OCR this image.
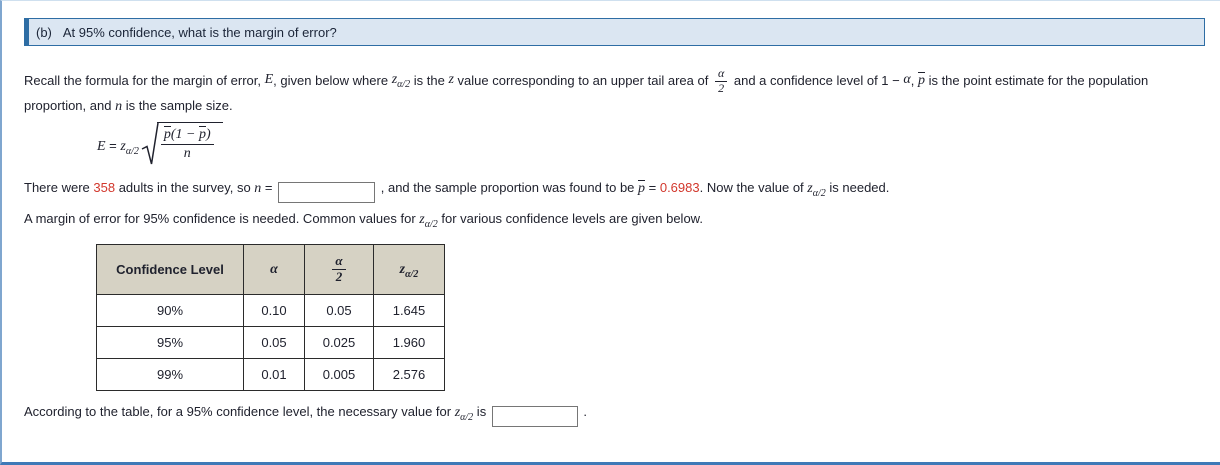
(b) At 95% confidence, what is the margin of error?
Recall the formula for the margin of error, E , given below where z α/2 is the z value corresponding to an upper tail area of $\frac{\alpha}{2}$ and a confidence level of 1 − α , p is the point estimate for the population
proportion, and n is the sample size.
E = z α/2
p(1 − p)
n
There were 358 adults in the survey, so n =	, and the sample proportion was found to be p = 0.6983 . Now the value of z α/2 is needed.
A margin of error for 95% confidence is needed. Common values for z α/2 for various confidence levels are given below.
Confidence Level	α	$\frac{\alpha}{2}$	$z_{\alpha/2}$
90%	0.10	0.05	1.645
95%	0.05	0.025	1.960
99%	0.01	0.005	2.576
According to the table, for a 95% confidence level, the necessary value for z α/2 is	.
